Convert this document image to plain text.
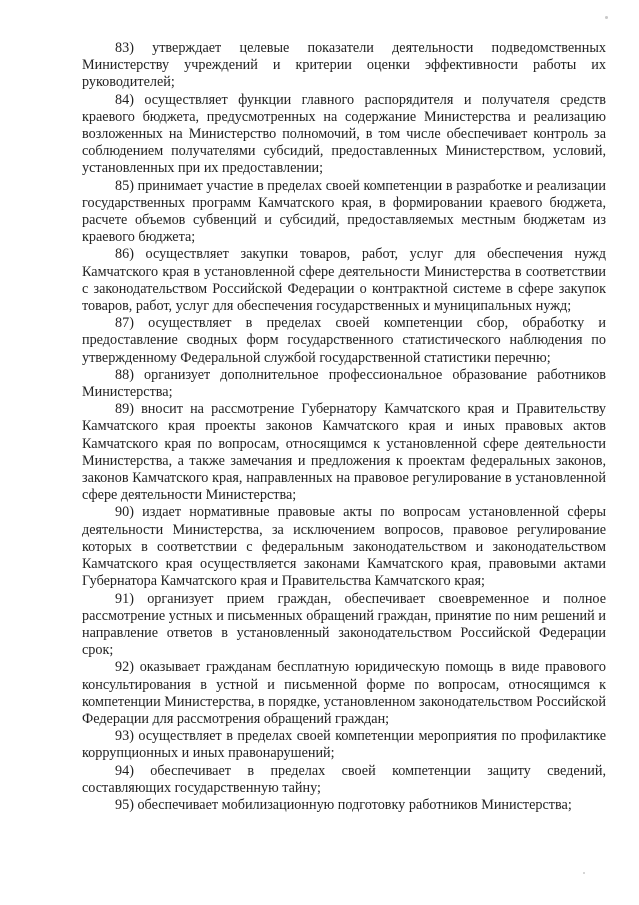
83) утверждает целевые показатели деятельности подведомственных Министерству учреждений и критерии оценки эффективности работы их руководителей;

84) осуществляет функции главного распорядителя и получателя средств краевого бюджета, предусмотренных на содержание Министерства и реализацию возложенных на Министерство полномочий, в том числе обеспечивает контроль за соблюдением получателями субсидий, предоставленных Министерством, условий, установленных при их предоставлении;

85) принимает участие в пределах своей компетенции в разработке и реализации государственных программ Камчатского края, в формировании краевого бюджета, расчете объемов субвенций и субсидий, предоставляемых местным бюджетам из краевого бюджета;

86) осуществляет закупки товаров, работ, услуг для обеспечения нужд Камчатского края в установленной сфере деятельности Министерства в соответствии с законодательством Российской Федерации о контрактной системе в сфере закупок товаров, работ, услуг для обеспечения государственных и муниципальных нужд;

87) осуществляет в пределах своей компетенции сбор, обработку и предоставление сводных форм государственного статистического наблюдения по утвержденному Федеральной службой государственной статистики перечню;

88) организует дополнительное профессиональное образование работников Министерства;

89) вносит на рассмотрение Губернатору Камчатского края и Правительству Камчатского края проекты законов Камчатского края и иных правовых актов Камчатского края по вопросам, относящимся к установленной сфере деятельности Министерства, а также замечания и предложения к проектам федеральных законов, законов Камчатского края, направленных на правовое регулирование в установленной сфере деятельности Министерства;

90) издает нормативные правовые акты по вопросам установленной сферы деятельности Министерства, за исключением вопросов, правовое регулирование которых в соответствии с федеральным законодательством и законодательством Камчатского края осуществляется законами Камчатского края, правовыми актами Губернатора Камчатского края и Правительства Камчатского края;

91) организует прием граждан, обеспечивает своевременное и полное рассмотрение устных и письменных обращений граждан, принятие по ним решений и направление ответов в установленный законодательством Российской Федерации срок;

92) оказывает гражданам бесплатную юридическую помощь в виде правового консультирования в устной и письменной форме по вопросам, относящимся к компетенции Министерства, в порядке, установленном законодательством Российской Федерации для рассмотрения обращений граждан;

93) осуществляет в пределах своей компетенции мероприятия по профилактике коррупционных и иных правонарушений;

94) обеспечивает в пределах своей компетенции защиту сведений, составляющих государственную тайну;

95) обеспечивает мобилизационную подготовку работников Министерства;
